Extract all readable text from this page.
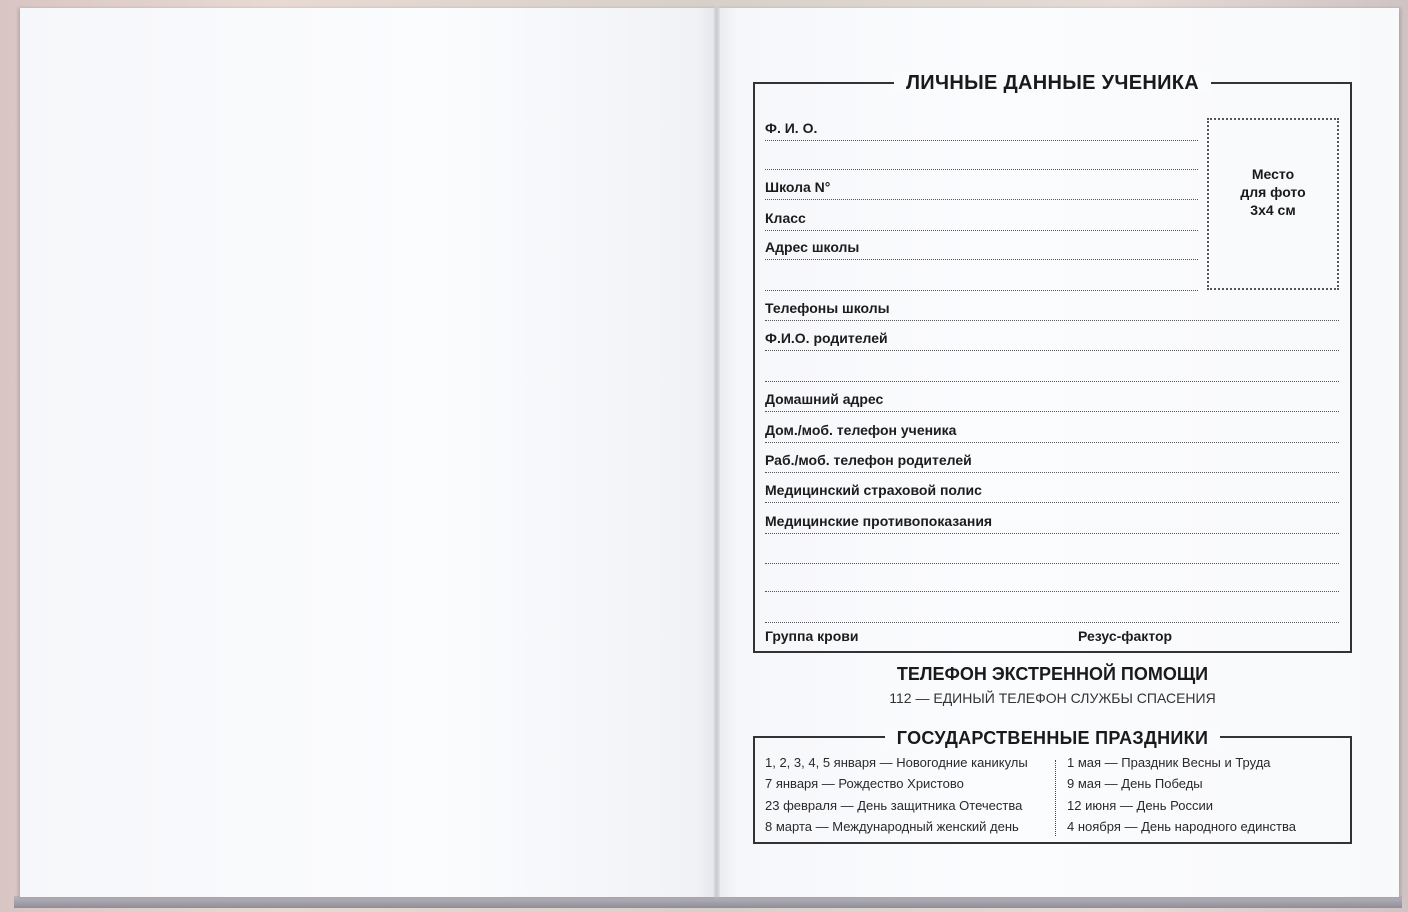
ЛИЧНЫЕ ДАННЫЕ УЧЕНИКА
Ф. И. О.
Школа N°
Класс
Адрес школы
Телефоны школы
Ф.И.О. родителей
Домашний адрес
Дом./моб. телефон ученика
Раб./моб. телефон родителей
Медицинский страховой полис
Медицинские противопоказания
Группа крови	Резус-фактор
Место
для фото
3x4 см
ТЕЛЕФОН ЭКСТРЕННОЙ ПОМОЩИ
112 — ЕДИНЫЙ ТЕЛЕФОН СЛУЖБЫ СПАСЕНИЯ
ГОСУДАРСТВЕННЫЕ ПРАЗДНИКИ
1, 2, 3, 4, 5 января — Новогодние каникулы
7 января — Рождество Христово
23 февраля — День защитника Отечества
8 марта — Международный женский день
1 мая — Праздник Весны и Труда
9 мая — День Победы
12 июня — День России
4 ноября — День народного единства
